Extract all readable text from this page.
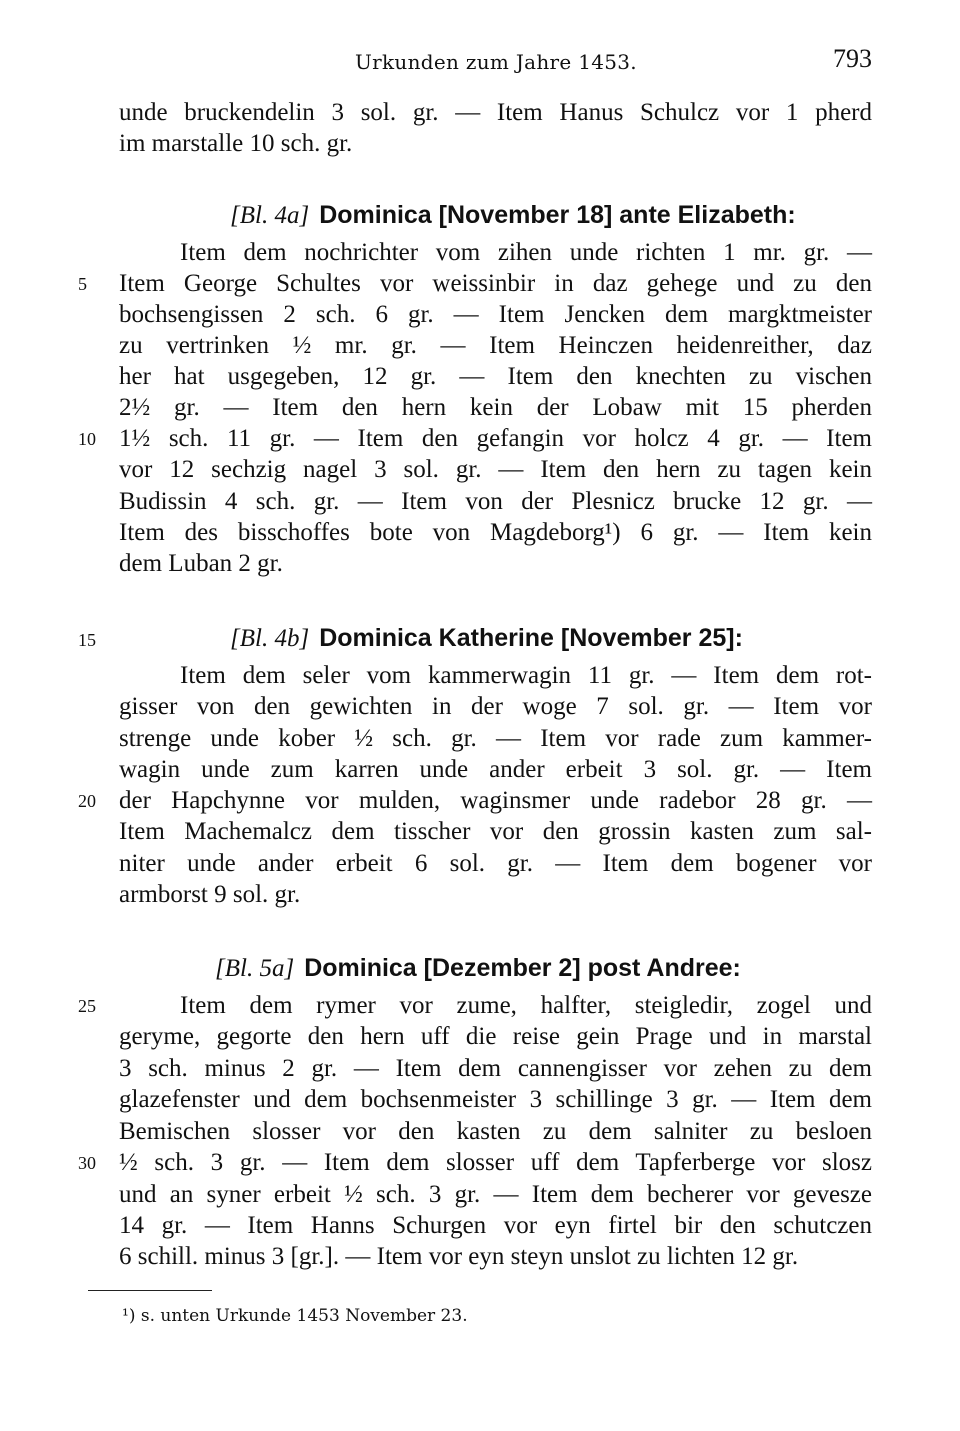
Urkunden zum Jahre 1453.	793
unde bruckendelin 3 sol. gr. — Item Hanus Schulcz vor 1 pherd
im marstalle 10 sch. gr.
[Bl. 4a] Dominica [November 18] ante Elizabeth:
Item dem nochrichter vom zihen unde richten 1 mr. gr. —
5	Item George Schultes vor weissinbir in daz gehege und zu den
bochsengissen 2 sch. 6 gr. — Item Jencken dem margktmeister
zu vertrinken ½ mr. gr. — Item Heinczen heidenreither, daz
her hat usgegeben, 12 gr. — Item den knechten zu vischen
2½ gr. — Item den hern kein der Lobaw mit 15 pherden
10 1½ sch. 11 gr. — Item den gefangin vor holcz 4 gr. — Item
vor 12 sechzig nagel 3 sol. gr. — Item den hern zu tagen kein
Budissin 4 sch. gr. — Item von der Plesnicz brucke 12 gr. —
Item des bisschoffes bote von Magdeborg¹) 6 gr. — Item kein
dem Luban 2 gr.
15	[Bl. 4b] Dominica Katherine [November 25]:
Item dem seler vom kammerwagin 11 gr. — Item dem rot-
gisser von den gewichten in der woge 7 sol. gr. — Item vor
strenge unde kober ½ sch. gr. — Item vor rade zum kammer-
wagin unde zum karren unde ander erbeit 3 sol. gr. — Item
20 der Hapchynne vor mulden, waginsmer unde radebor 28 gr. —
Item Machemalcz dem tisscher vor den grossin kasten zum sal-
niter unde ander erbeit 6 sol. gr. — Item dem bogener vor
armborst 9 sol. gr.
[Bl. 5a] Dominica [Dezember 2] post Andree:
25	Item dem rymer vor zume, halfter, steigledir, zogel und
geryme, gegorte den hern uff die reise gein Prage und in marstal
3 sch. minus 2 gr. — Item dem cannengisser vor zehen zu dem
glazefenster und dem bochsenmeister 3 schillinge 3 gr. — Item dem
Bemischen slosser vor den kasten zu dem salniter zu besloen
30 ½ sch. 3 gr. — Item dem slosser uff dem Tapferberge vor slosz
und an syner erbeit ½ sch. 3 gr. — Item dem becherer vor gevesze
14 gr. — Item Hanns Schurgen vor eyn firtel bir den schutczen
6 schill. minus 3 [gr.]. — Item vor eyn steyn unslot zu lichten 12 gr.
¹) s. unten Urkunde 1453 November 23.
